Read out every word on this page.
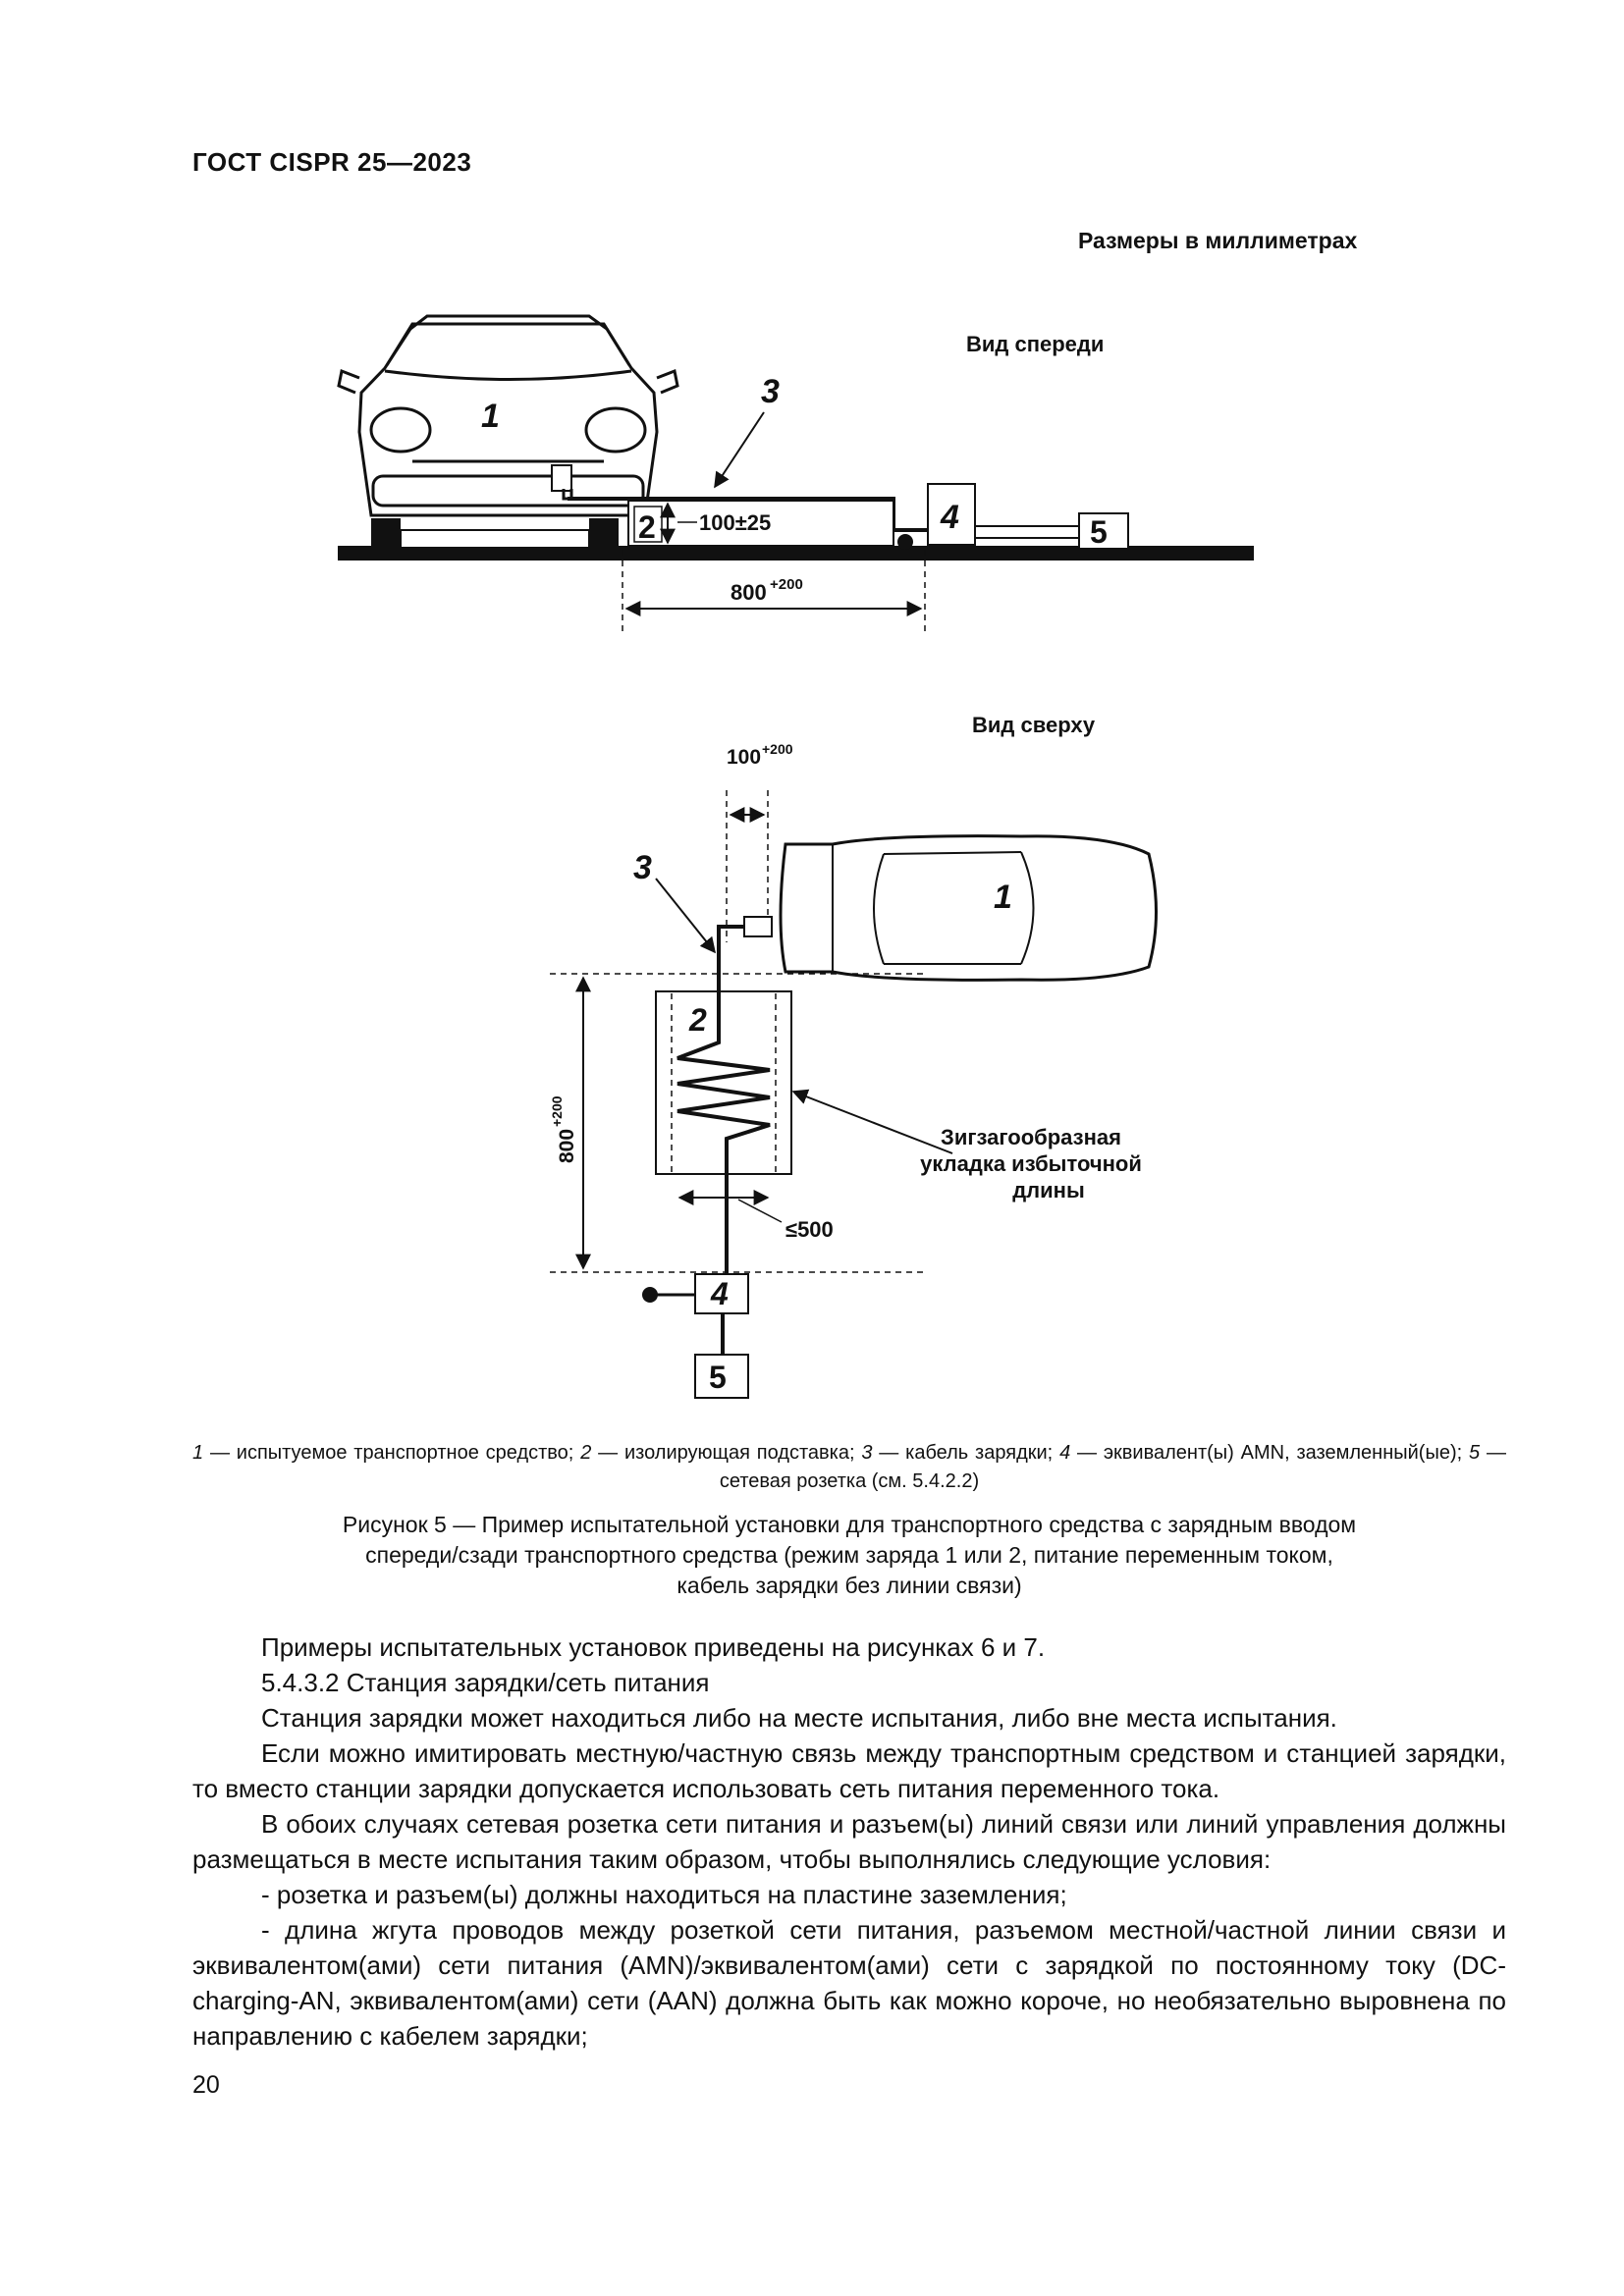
ГОСТ CISPR 25—2023
Размеры в миллиметрах
Вид спереди
Вид сверху
1
3
2 100±25	4	5
800 +200
100 +200
1
3
800
+200
2
≤500
Зигзагообразная
укладка избыточной
длины
4
5
1 — испытуемое транспортное средство; 2 — изолирующая подставка; 3 — кабель зарядки; 4 — эквивалент(ы) AMN, заземленный(ые); 5 — сетевая розетка (см. 5.4.2.2)
Рисунок 5 — Пример испытательной установки для транспортного средства с зарядным вводом
спереди/сзади транспортного средства (режим заряда 1 или 2, питание переменным током,
кабель зарядки без линии связи)

Примеры испытательных установок приведены на рисунках 6 и 7.

5.4.3.2 Станция зарядки/сеть питания

Станция зарядки может находиться либо на месте испытания, либо вне места испытания.

Если можно имитировать местную/частную связь между транспортным средством и станцией зарядки, то вместо станции зарядки допускается использовать сеть питания переменного тока.

В обоих случаях сетевая розетка сети питания и разъем(ы) линий связи или линий управления должны размещаться в месте испытания таким образом, чтобы выполнялись следующие условия:

- розетка и разъем(ы) должны находиться на пластине заземления;

- длина жгута проводов между розеткой сети питания, разъемом местной/частной линии связи и эквивалентом(ами) сети питания (AMN)/эквивалентом(ами) сети с зарядкой по постоянному току (DC-charging-AN, эквивалентом(ами) сети (AAN) должна быть как можно короче, но необязательно выровнена по направлению с кабелем зарядки;

20
